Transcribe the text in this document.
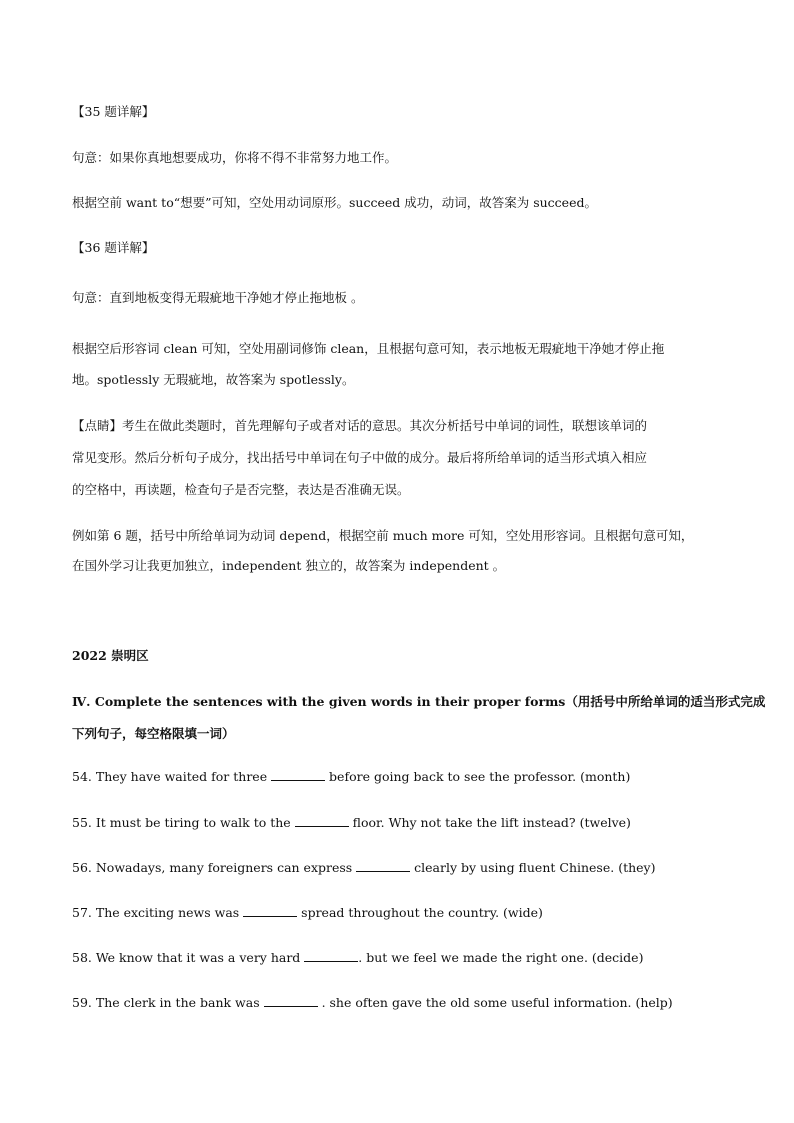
【35 题详解】
句意：如果你真地想要成功，你将不得不非常努力地工作。
根据空前 want to“想要”可知，空处用动词原形。succeed 成功，动词，故答案为 succeed。
【36 题详解】
句意：直到地板变得无瑕疵地干净她才停止拖地板 。
根据空后形容词 clean 可知，空处用副词修饰 clean，且根据句意可知，表示地板无瑕疵地干净她才停止拖
地。spotlessly 无瑕疵地，故答案为 spotlessly。
【点睛】考生在做此类题时，首先理解句子或者对话的意思。其次分析括号中单词的词性，联想该单词的
常见变形。然后分析句子成分，找出括号中单词在句子中做的成分。最后将所给单词的适当形式填入相应
的空格中，再读题，检查句子是否完整，表达是否准确无误。
例如第 6 题，括号中所给单词为动词 depend，根据空前 much more 可知，空处用形容词。且根据句意可知，
在国外学习让我更加独立，independent 独立的，故答案为 independent 。
2022 崇明区
Ⅳ. Complete the sentences with the given words in their proper forms（用括号中所给单词的适当形式完成
下列句子，每空格限填一词）
54. They have waited for three	before going back to see the professor. (month)
55. It must be tiring to walk to the	floor. Why not take the lift instead? (twelve)
56. Nowadays, many foreigners can express	clearly by using fluent Chinese. (they)
57. The exciting news was	spread throughout the country. (wide)
58. We know that it was a very hard	. but we feel we made the right one. (decide)
59. The clerk in the bank was	. she often gave the old some useful information. (help)
